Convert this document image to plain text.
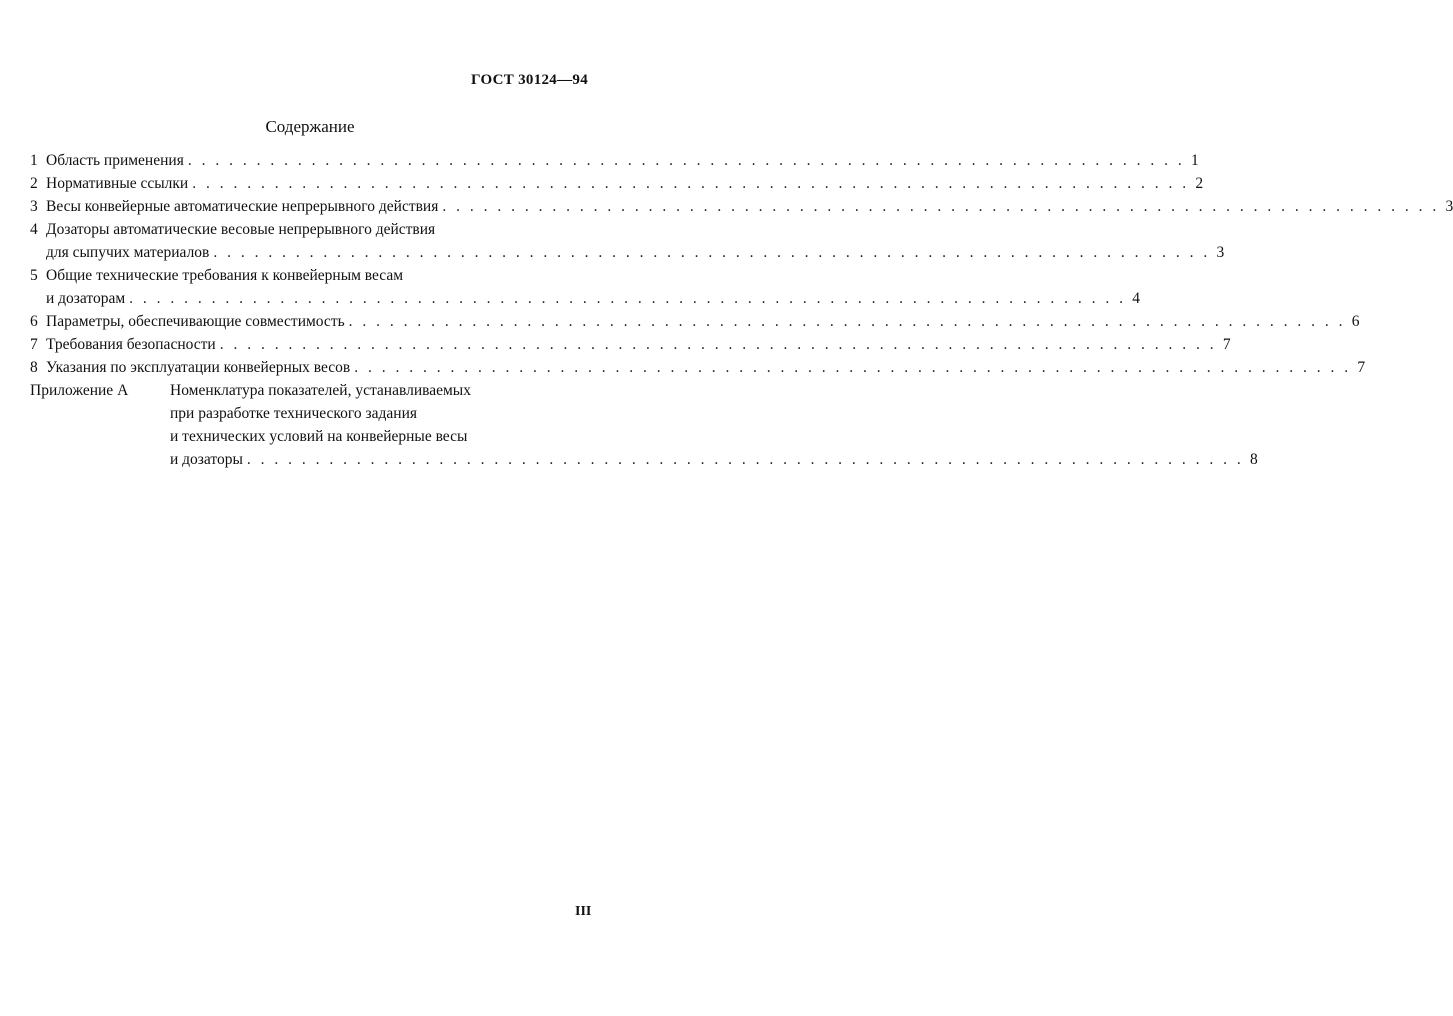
ГОСТ 30124—94
Содержание
1 Область применения . . .	1
2 Нормативные ссылки . . .	2
3 Весы конвейерные автоматические непрерывного действия . . .	3
4 Дозаторы автоматические весовые непрерывного действия
для сыпучих материалов . . .	3
5 Общие технические требования к конвейерным весам
и дозаторам . . .	4
6 Параметры, обеспечивающие совместимость . . .	6
7 Требования безопасности . . .	7
8 Указания по эксплуатации конвейерных весов . . .	7
Приложение А	Номенклатура показателей, устанавливаемых
при разработке технического задания
и технических условий на конвейерные весы
и дозаторы . . .	8
III
